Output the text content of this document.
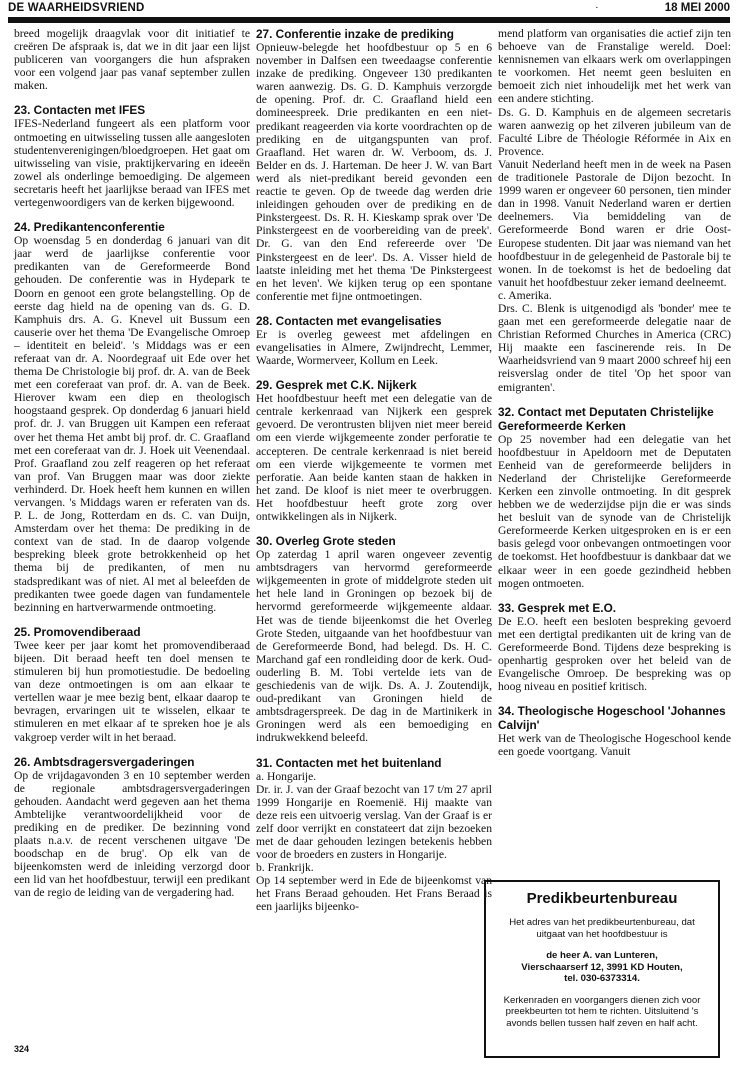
DE WAARHEIDSVRIEND	·	18 MEI 2000

breed mogelijk draagvlak voor dit initiatief te creëren De afspraak is, dat we in dit jaar een lijst publiceren van voorgangers die hun afspraken voor een volgend jaar pas vanaf september zullen maken.

23. Contacten met IFES

IFES-Nederland fungeert als een platform voor ontmoeting en uitwisseling tussen alle aangesloten studentenverenigingen/bloedgroepen. Het gaat om uitwisseling van visie, praktijkervaring en ideeën zowel als onderlinge bemoediging. De algemeen secretaris heeft het jaarlijkse beraad van IFES met vertegenwoordigers van de kerken bijgewoond.

24. Predikantenconferentie

Op woensdag 5 en donderdag 6 januari van dit jaar werd de jaarlijkse conferentie voor predikanten van de Gereformeerde Bond gehouden. De conferentie was in Hydepark te Doorn en genoot een grote belangstelling. Op de eerste dag hield na de opening van ds. G. D. Kamphuis drs. A. G. Knevel uit Bussum een causerie over het thema 'De Evangelische Omroep – identiteit en beleid'. 's Middags was er een referaat van dr. A. Noordegraaf uit Ede over het thema De Christologie bij prof. dr. A. van de Beek met een coreferaat van prof. dr. A. van de Beek. Hierover kwam een diep en theologisch hoogstaand gesprek. Op donderdag 6 januari hield prof. dr. J. van Bruggen uit Kampen een referaat over het thema Het ambt bij prof. dr. C. Graafland met een coreferaat van dr. J. Hoek uit Veenendaal. Prof. Graafland zou zelf reageren op het referaat van prof. Van Bruggen maar was door ziekte verhinderd. Dr. Hoek heeft hem kunnen en willen vervangen. 's Middags waren er referaten van ds. P. L. de Jong, Rotterdam en ds. C. van Duijn, Amsterdam over het thema: De prediking in de context van de stad. In de daarop volgende bespreking bleek grote betrokkenheid op het thema bij de predikanten, of men nu stadspredikant was of niet. Al met al beleefden de predikanten twee goede dagen van fundamentele bezinning en hartverwarmende ontmoeting.

25. Promovendiberaad

Twee keer per jaar komt het promovendiberaad bijeen. Dit beraad heeft ten doel mensen te stimuleren bij hun promotiestudie. De bedoeling van deze ontmoetingen is om aan elkaar te vertellen waar je mee bezig bent, elkaar daarop te bevragen, ervaringen uit te wisselen, elkaar te stimuleren en met elkaar af te spreken hoe je als vakgroep verder wilt in het beraad.

26. Ambtsdragersvergaderingen

Op de vrijdagavonden 3 en 10 september werden de regionale ambtsdragersvergaderingen gehouden. Aandacht werd gegeven aan het thema Ambtelijke verantwoordelijkheid voor de prediking en de prediker. De bezinning vond plaats n.a.v. de recent verschenen uitgave 'De boodschap en de brug'. Op elk van de bijeenkomsten werd de inleiding verzorgd door een lid van het hoofdbestuur, terwijl een predikant van de regio de leiding van de vergadering had.

27. Conferentie inzake de prediking

Opnieuw-belegde het hoofdbestuur op 5 en 6 november in Dalfsen een tweedaagse conferentie inzake de prediking. Ongeveer 130 predikanten waren aanwezig. Ds. G. D. Kamphuis verzorgde de opening. Prof. dr. C. Graafland hield een domineespreek. Drie predikanten en een niet-predikant reageerden via korte voordrachten op de prediking en de uitgangspunten van prof. Graafland. Het waren dr. W. Verboom, ds. J. Belder en ds. J. Harteman. De heer J. W. van Bart werd als niet-predikant bereid gevonden een reactie te geven. Op de tweede dag werden drie inleidingen gehouden over de prediking en de Pinkstergeest. Ds. R. H. Kieskamp sprak over 'De Pinkstergeest en de voorbereiding van de preek'. Dr. G. van den End refereerde over 'De Pinkstergeest en de leer'. Ds. A. Visser hield de laatste inleiding met het thema 'De Pinkstergeest en het leven'. We kijken terug op een spontane conferentie met fijne ontmoetingen.

28. Contacten met evangelisaties

Er is overleg geweest met afdelingen en evangelisaties in Almere, Zwijndrecht, Lemmer, Waarde, Wormerveer, Kollum en Leek.

29. Gesprek met C.K. Nijkerk

Het hoofdbestuur heeft met een delegatie van de centrale kerkenraad van Nijkerk een gesprek gevoerd. De verontrusten blijven niet meer bereid om een vierde wijkgemeente zonder perforatie te accepteren. De centrale kerkenraad is niet bereid om een vierde wijkgemeente te vormen met perforatie. Aan beide kanten staan de hakken in het zand. De kloof is niet meer te overbruggen. Het hoofdbestuur heeft grote zorg over ontwikkelingen als in Nijkerk.

30. Overleg Grote steden

Op zaterdag 1 april waren ongeveer zeventig ambtsdragers van hervormd gereformeerde wijkgemeenten in grote of middelgrote steden uit het hele land in Groningen op bezoek bij de hervormd gereformeerde wijkgemeente aldaar. Het was de tiende bijeenkomst die het Overleg Grote Steden, uitgaande van het hoofdbestuur van de Gereformeerde Bond, had belegd. Ds. H. C. Marchand gaf een rondleiding door de kerk. Oud-ouderling B. M. Tobi vertelde iets van de geschiedenis van de wijk. Ds. A. J. Zoutendijk, oud-predikant van Groningen hield de ambtsdragerspreek. De dag in de Martinikerk in Groningen werd als een bemoediging en indrukwekkend beleefd.

31. Contacten met het buitenland

a. Hongarije.

Dr. ir. J. van der Graaf bezocht van 17 t/m 27 april 1999 Hongarije en Roemenië. Hij maakte van deze reis een uitvoerig verslag. Van der Graaf is er zelf door verrijkt en constateert dat zijn bezoeken met de daar gehouden lezingen betekenis hebben voor de broeders en zusters in Hongarije.

b. Frankrijk.

Op 14 september werd in Ede de bijeenkomst van het Frans Beraad gehouden. Het Frans Beraad is een jaarlijks bijeenko-

mend platform van organisaties die actief zijn ten behoeve van de Franstalige wereld. Doel: kennisnemen van elkaars werk om overlappingen te voorkomen. Het neemt geen besluiten en bemoeit zich niet inhoudelijk met het werk van een andere stichting.

Ds. G. D. Kamphuis en de algemeen secretaris waren aanwezig op het zilveren jubileum van de Faculté Libre de Théologie Réformée in Aix en Provence.

Vanuit Nederland heeft men in de week na Pasen de traditionele Pastorale de Dijon bezocht. In 1999 waren er ongeveer 60 personen, tien minder dan in 1998. Vanuit Nederland waren er dertien deelnemers. Via bemiddeling van de Gereformeerde Bond waren er drie Oost-Europese studenten. Dit jaar was niemand van het hoofdbestuur in de gelegenheid de Pastorale bij te wonen. In de toekomst is het de bedoeling dat vanuit het hoofdbestuur zeker iemand deelneemt.

c. Amerika.

Drs. C. Blenk is uitgenodigd als 'bonder' mee te gaan met een gereformeerde delegatie naar de Christian Reformed Churches in America (CRC) Hij maakte een fascinerende reis. In De Waarheidsvriend van 9 maart 2000 schreef hij een reisverslag onder de titel 'Op het spoor van emigranten'.

32. Contact met Deputaten Christelijke Gereformeerde Kerken

Op 25 november had een delegatie van het hoofdbestuur in Apeldoorn met de Deputaten Eenheid van de gereformeerde belijders in Nederland der Christelijke Gereformeerde Kerken een zinvolle ontmoeting. In dit gesprek hebben we de wederzijdse pijn die er was sinds het besluit van de synode van de Christelijk Gereformeerde Kerken uitgesproken en is er een basis gelegd voor onbevangen ontmoetingen voor de toekomst. Het hoofdbestuur is dankbaar dat we elkaar weer in een goede gezindheid hebben mogen ontmoeten.

33. Gesprek met E.O.

De E.O. heeft een besloten bespreking gevoerd met een dertigtal predikanten uit de kring van de Gereformeerde Bond. Tijdens deze bespreking is openhartig gesproken over het beleid van de Evangelische Omroep. De bespreking was op hoog niveau en positief kritisch.

34. Theologische Hogeschool 'Johannes Calvijn'

Het werk van de Theologische Hogeschool kende een goede voortgang. Vanuit

Predikbeurtenbureau
Het adres van het predikbeurtenbureau, dat uitgaat van het hoofdbestuur is
de heer A. van Lunteren,
Vierschaarserf 12, 3991 KD Houten,
tel. 030-6373314.
Kerkenraden en voorgangers dienen zich voor preekbeurten tot hem te richten. Uitsluitend 's avonds bellen tussen half zeven en half acht.
324
